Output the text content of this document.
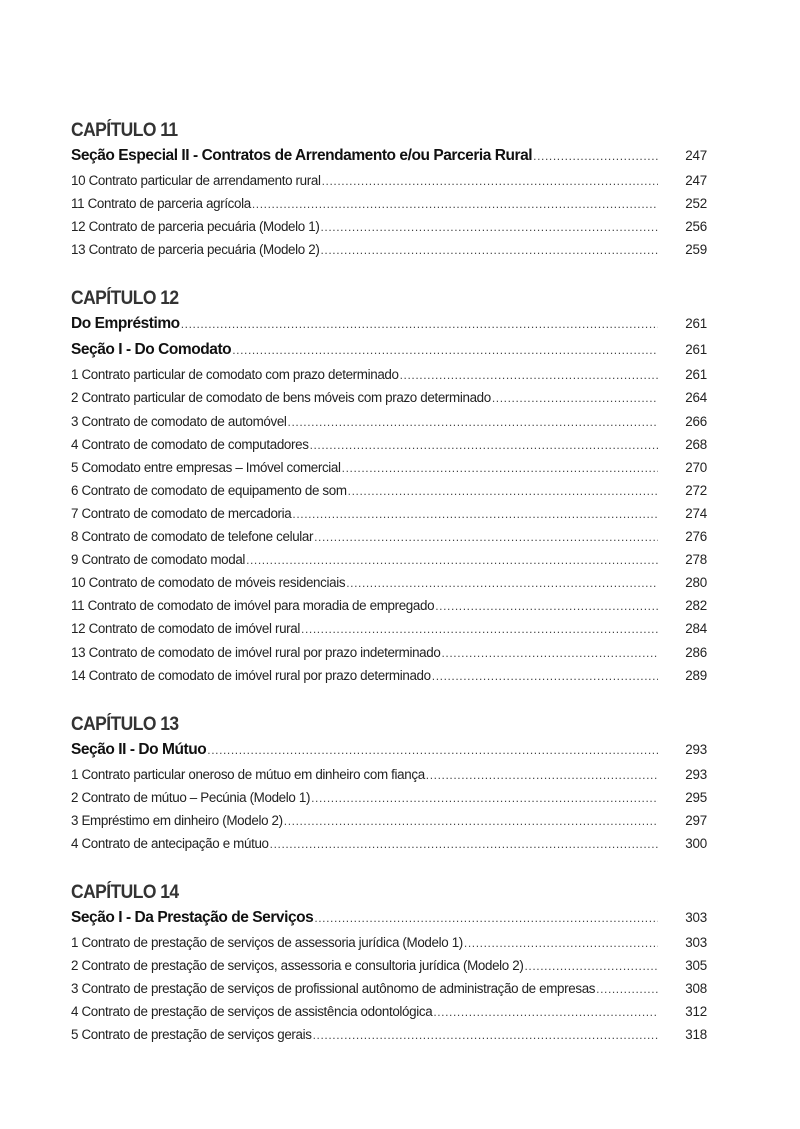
CAPÍTULO 11
Seção Especial II - Contratos de Arrendamento e/ou Parceria Rural .....	247
10 Contrato particular de arrendamento rural .....	247
11 Contrato de parceria agrícola .....	252
12 Contrato de parceria pecuária (Modelo 1) .....	256
13 Contrato de parceria pecuária (Modelo 2) .....	259
CAPÍTULO 12
Do Empréstimo .....	261
Seção I - Do Comodato .....	261
1 Contrato particular de comodato com prazo determinado .....	261
2 Contrato particular de comodato de bens móveis com prazo determinado .....	264
3 Contrato de comodato de automóvel .....	266
4 Contrato de comodato de computadores .....	268
5 Comodato entre empresas – Imóvel comercial .....	270
6 Contrato de comodato de equipamento de som .....	272
7 Contrato de comodato de mercadoria .....	274
8 Contrato de comodato de telefone celular .....	276
9 Contrato de comodato modal .....	278
10 Contrato de comodato de móveis residenciais .....	280
11 Contrato de comodato de imóvel para moradia de empregado .....	282
12 Contrato de comodato de imóvel rural .....	284
13 Contrato de comodato de imóvel rural por prazo indeterminado .....	286
14 Contrato de comodato de imóvel rural por prazo determinado .....	289
CAPÍTULO 13
Seção II - Do Mútuo .....	293
1 Contrato particular oneroso de mútuo em dinheiro com fiança .....	293
2 Contrato de mútuo – Pecúnia (Modelo 1) .....	295
3 Empréstimo em dinheiro (Modelo 2) .....	297
4 Contrato de antecipação e mútuo .....	300
CAPÍTULO 14
Seção I - Da Prestação de Serviços .....	303
1 Contrato de prestação de serviços de assessoria jurídica (Modelo 1) .....	303
2 Contrato de prestação de serviços, assessoria e consultoria jurídica (Modelo 2) .....	305
3 Contrato de prestação de serviços de profissional autônomo de administração de empresas .....	308
4 Contrato de prestação de serviços de assistência odontológica .....	312
5 Contrato de prestação de serviços gerais .....	318
